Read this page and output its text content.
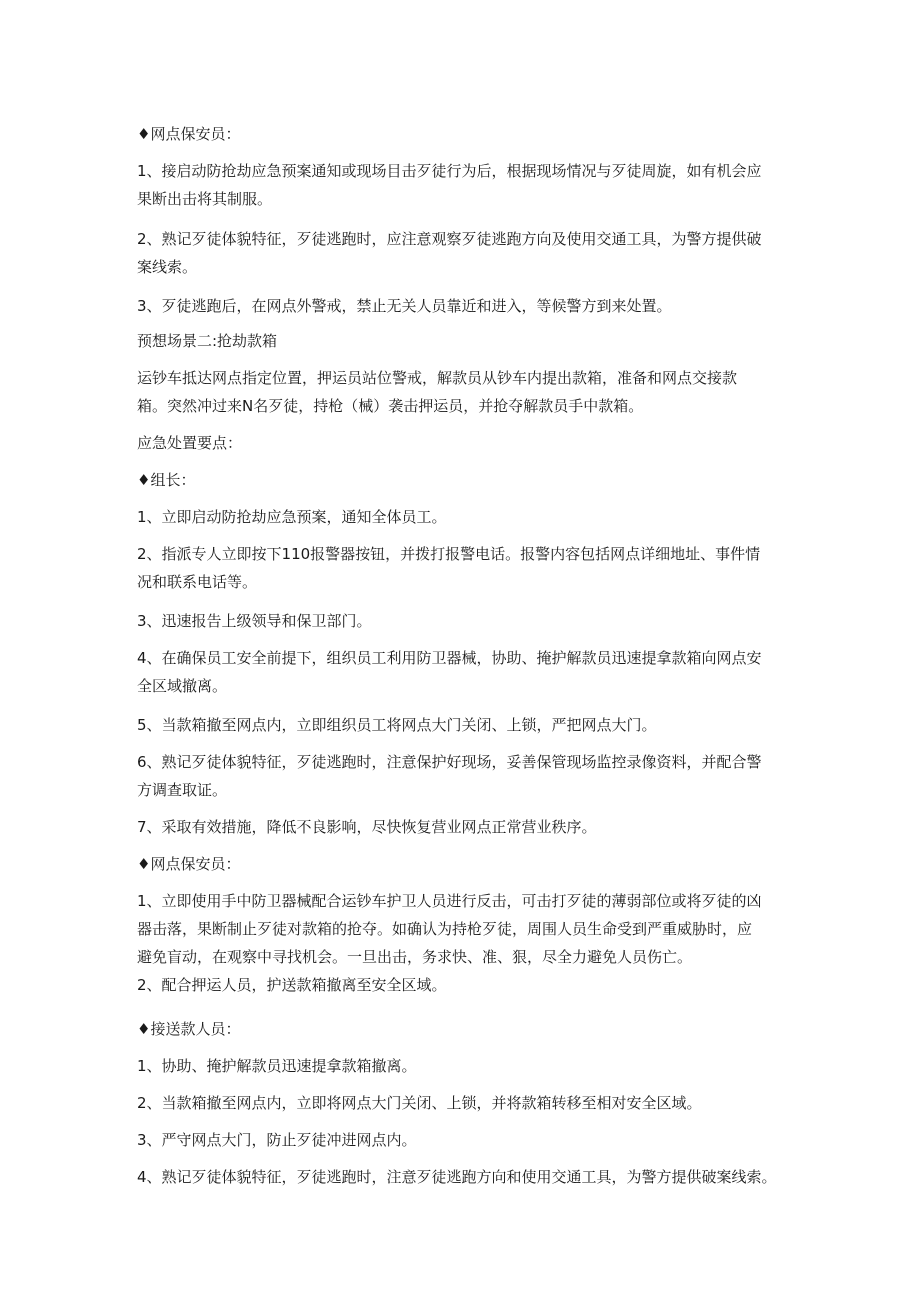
♦网点保安员：
1、接启动防抢劫应急预案通知或现场目击歹徒行为后，根据现场情况与歹徒周旋，如有机会应
果断出击将其制服。
2、熟记歹徒体貌特征，歹徒逃跑时，应注意观察歹徒逃跑方向及使用交通工具，为警方提供破
案线索。
3、歹徒逃跑后，在网点外警戒，禁止无关人员靠近和进入，等候警方到来处置。
预想场景二:抢劫款箱
运钞车抵达网点指定位置，押运员站位警戒，解款员从钞车内提出款箱，准备和网点交接款
箱。突然冲过来N名歹徒，持枪（械）袭击押运员，并抢夺解款员手中款箱。
应急处置要点：
♦组长：
1、立即启动防抢劫应急预案，通知全体员工。
2、指派专人立即按下110报警器按钮，并拨打报警电话。报警内容包括网点详细地址、事件情
况和联系电话等。
3、迅速报告上级领导和保卫部门。
4、在确保员工安全前提下，组织员工利用防卫器械，协助、掩护解款员迅速提拿款箱向网点安
全区域撤离。
5、当款箱撤至网点内，立即组织员工将网点大门关闭、上锁，严把网点大门。
6、熟记歹徒体貌特征，歹徒逃跑时，注意保护好现场，妥善保管现场监控录像资料，并配合警
方调查取证。
7、采取有效措施，降低不良影响，尽快恢复营业网点正常营业秩序。
♦网点保安员：
1、立即使用手中防卫器械配合运钞车护卫人员进行反击，可击打歹徒的薄弱部位或将歹徒的凶
器击落，果断制止歹徒对款箱的抢夺。如确认为持枪歹徒，周围人员生命受到严重威胁时，应
避免盲动，在观察中寻找机会。一旦出击，务求快、准、狠，尽全力避免人员伤亡。
2、配合押运人员，护送款箱撤离至安全区域。
♦接送款人员：
1、协助、掩护解款员迅速提拿款箱撤离。
2、当款箱撤至网点内，立即将网点大门关闭、上锁，并将款箱转移至相对安全区域。
3、严守网点大门，防止歹徒冲进网点内。
4、熟记歹徒体貌特征，歹徒逃跑时，注意歹徒逃跑方向和使用交通工具，为警方提供破案线索。
